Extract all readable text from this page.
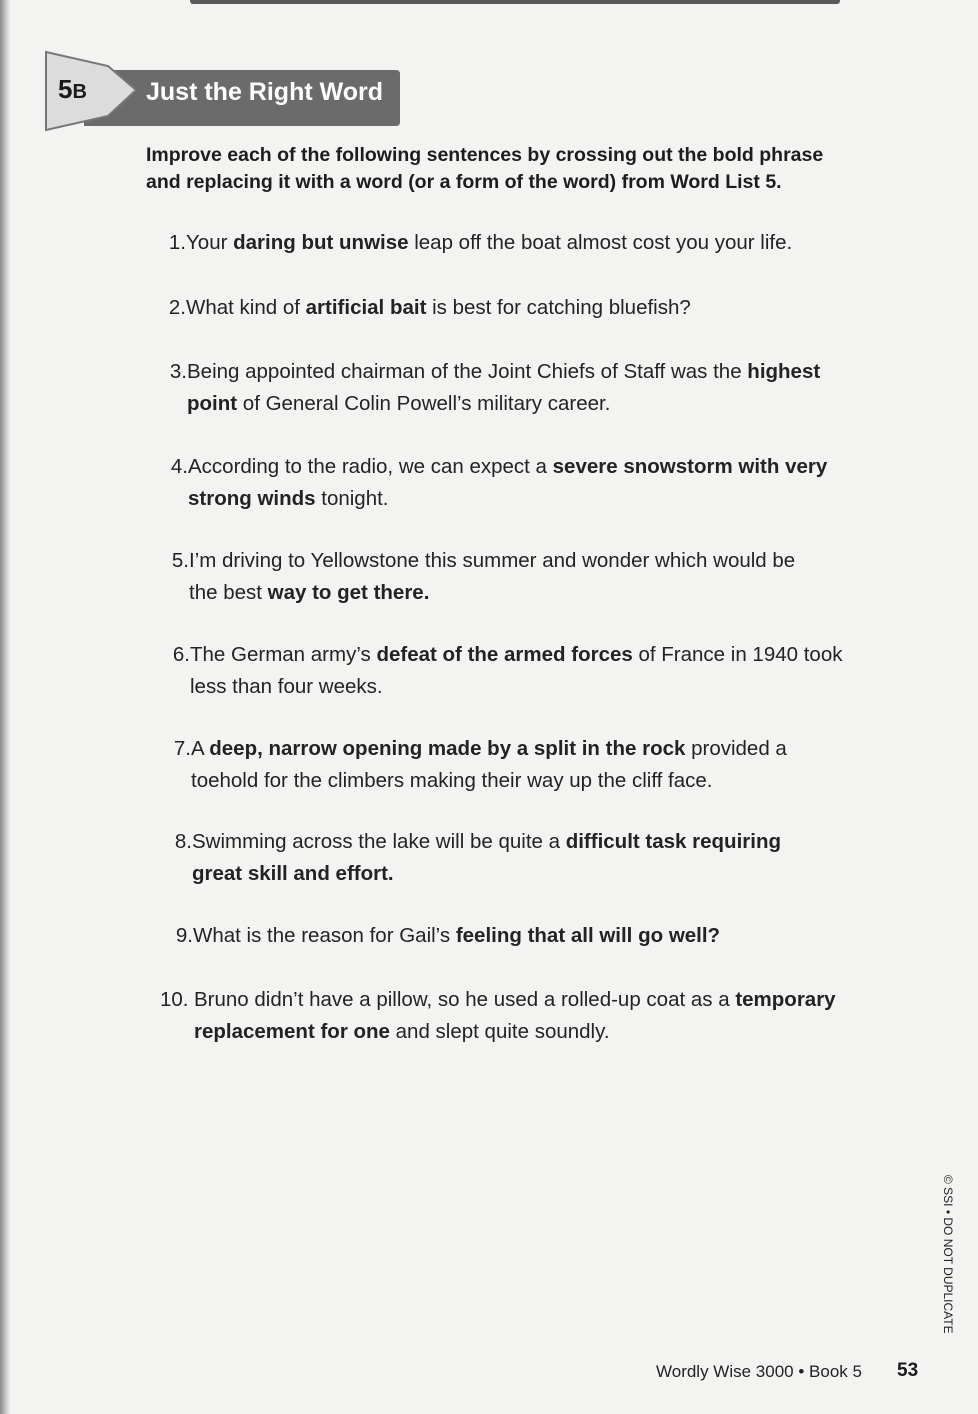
5B Just the Right Word
Improve each of the following sentences by crossing out the bold phrase and replacing it with a word (or a form of the word) from Word List 5.
1. Your daring but unwise leap off the boat almost cost you your life.
2. What kind of artificial bait is best for catching bluefish?
3. Being appointed chairman of the Joint Chiefs of Staff was the highest point of General Colin Powell’s military career.
4. According to the radio, we can expect a severe snowstorm with very strong winds tonight.
5. I’m driving to Yellowstone this summer and wonder which would be the best way to get there.
6. The German army’s defeat of the armed forces of France in 1940 took less than four weeks.
7. A deep, narrow opening made by a split in the rock provided a toehold for the climbers making their way up the cliff face.
8. Swimming across the lake will be quite a difficult task requiring great skill and effort.
9. What is the reason for Gail’s feeling that all will go well?
10. Bruno didn’t have a pillow, so he used a rolled-up coat as a temporary replacement for one and slept quite soundly.
© SSI • DO NOT DUPLICATE
Wordly Wise 3000 • Book 5 53
